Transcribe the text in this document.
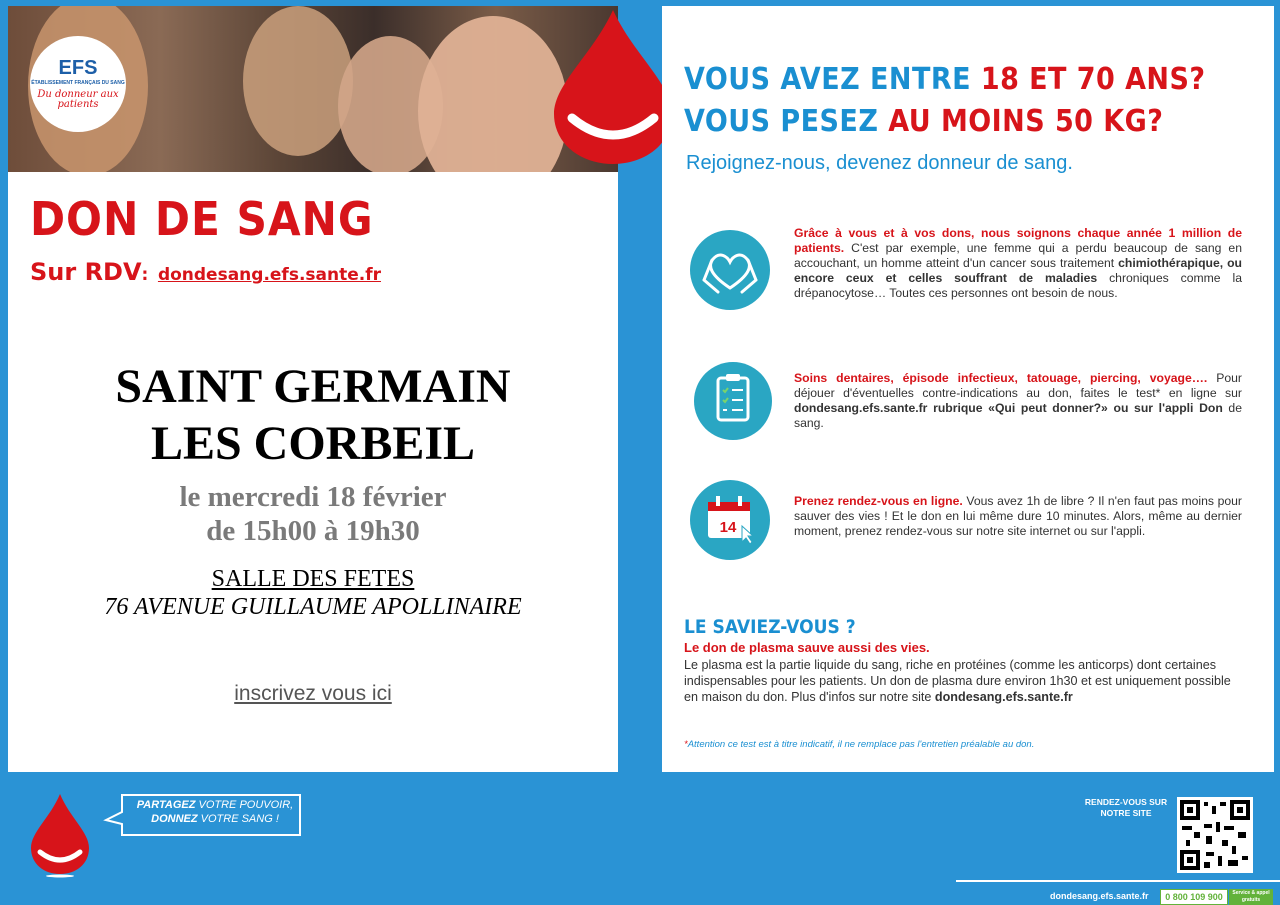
EFS
ÉTABLISSEMENT FRANÇAIS DU SANG
Du donneur aux patients
DON DE SANG
Sur RDV: dondesang.efs.sante.fr
SAINT GERMAIN
LES CORBEIL
le mercredi 18 février
de 15h00 à 19h30
SALLE DES FETES
76 AVENUE GUILLAUME APOLLINAIRE
inscrivez vous ici
VOUS AVEZ ENTRE 18 ET 70 ANS?
VOUS PESEZ AU MOINS 50 KG?
Rejoignez-nous, devenez donneur de sang.
Grâce à vous et à vos dons, nous soignons chaque année 1 million de patients. C'est par exemple, une femme qui a perdu beaucoup de sang en accouchant, un homme atteint d'un cancer sous traitement chimiothérapique, ou encore ceux et celles souffrant de maladies chroniques comme la drépanocytose… Toutes ces personnes ont besoin de nous.
Soins dentaires, épisode infectieux, tatouage, piercing, voyage…. Pour déjouer d'éventuelles contre-indications au don, faites le test* en ligne sur dondesang.efs.sante.fr rubrique «Qui peut donner?» ou sur l'appli Don de sang.
14
Prenez rendez-vous en ligne. Vous avez 1h de libre ? Il n'en faut pas moins pour sauver des vies ! Et le don en lui même dure 10 minutes. Alors, même au dernier moment, prenez rendez-vous sur notre site internet ou sur l'appli.
LE SAVIEZ-VOUS ?
Le don de plasma sauve aussi des vies.
Le plasma est la partie liquide du sang, riche en protéines (comme les anticorps) dont certaines indispensables pour les patients. Un don de plasma dure environ 1h30 et est uniquement possible en maison du don. Plus d'infos sur notre site dondesang.efs.sante.fr
*Attention ce test est à titre indicatif, il ne remplace pas l'entretien préalable au don.
PARTAGEZ VOTRE POUVOIR,
DONNEZ VOTRE SANG !
RENDEZ-VOUS SUR NOTRE SITE
dondesang.efs.sante.fr	0 800 109 900	Service & appel gratuits
